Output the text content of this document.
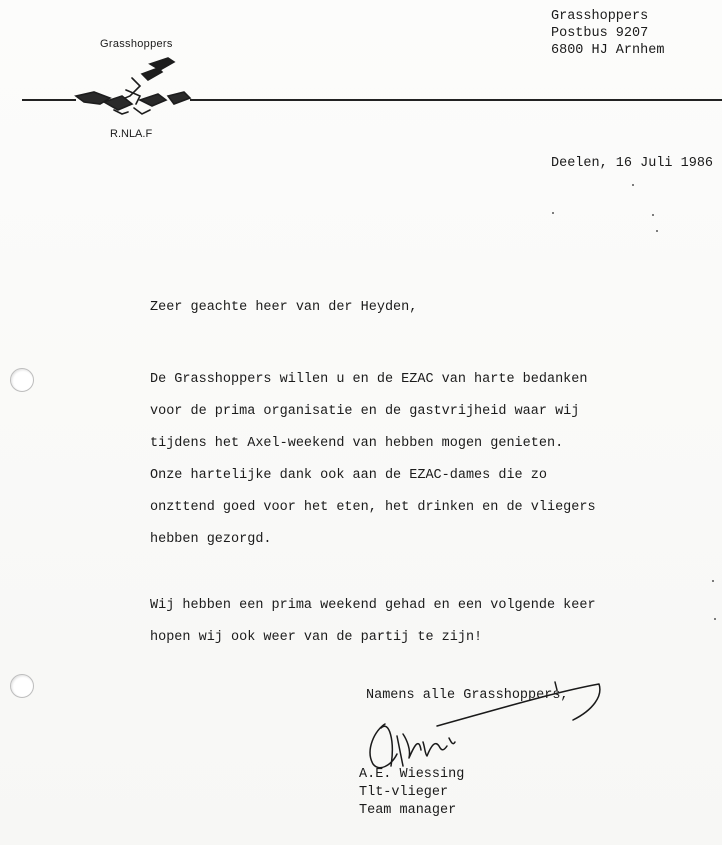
Grasshoppers
R.NLA.F
Grasshoppers
Postbus 9207
6800 HJ Arnhem
Deelen, 16 Juli 1986
Zeer geachte heer van der Heyden,
De Grasshoppers willen u en de EZAC van harte bedanken
voor de prima organisatie en de gastvrijheid waar wij
tijdens het Axel-weekend van hebben mogen genieten.
Onze hartelijke dank ook aan de EZAC-dames die zo
onzttend goed voor het eten, het drinken en de vliegers
hebben gezorgd.
Wij hebben een prima weekend gehad en een volgende keer
hopen wij ook weer van de partij te zijn!
Namens alle Grasshoppers,
A.E. Wiessing
Tlt-vlieger
Team manager
